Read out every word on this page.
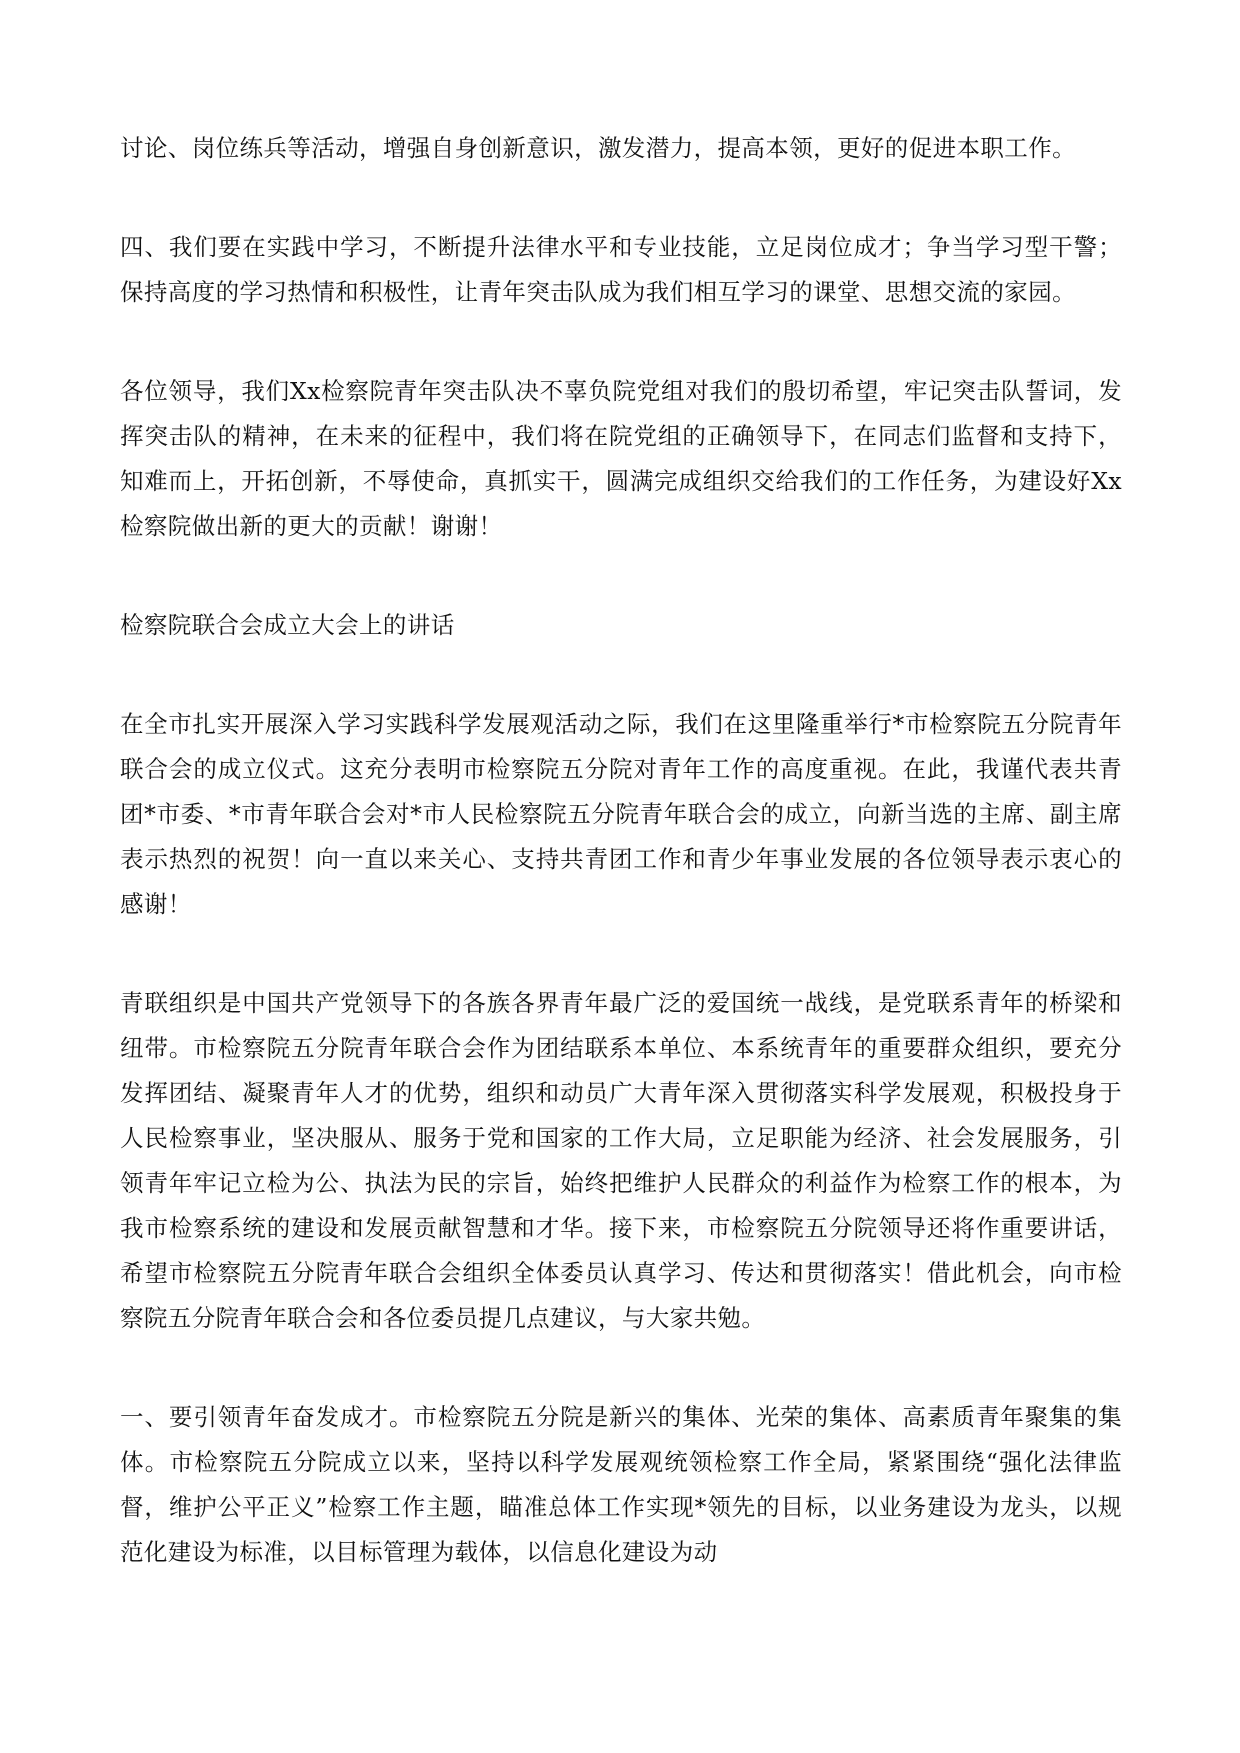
讨论、岗位练兵等活动，增强自身创新意识，激发潜力，提高本领，更好的促进本职工作。

四、我们要在实践中学习，不断提升法律水平和专业技能，立足岗位成才；争当学习型干警；保持高度的学习热情和积极性，让青年突击队成为我们相互学习的课堂、思想交流的家园。

各位领导，我们Xx检察院青年突击队决不辜负院党组对我们的殷切希望，牢记突击队誓词，发挥突击队的精神，在未来的征程中，我们将在院党组的正确领导下，在同志们监督和支持下，知难而上，开拓创新，不辱使命，真抓实干，圆满完成组织交给我们的工作任务，为建设好Xx检察院做出新的更大的贡献！谢谢！

检察院联合会成立大会上的讲话

在全市扎实开展深入学习实践科学发展观活动之际，我们在这里隆重举行*市检察院五分院青年联合会的成立仪式。这充分表明市检察院五分院对青年工作的高度重视。在此，我谨代表共青团*市委、*市青年联合会对*市人民检察院五分院青年联合会的成立，向新当选的主席、副主席表示热烈的祝贺！向一直以来关心、支持共青团工作和青少年事业发展的各位领导表示衷心的感谢！

青联组织是中国共产党领导下的各族各界青年最广泛的爱国统一战线，是党联系青年的桥梁和纽带。市检察院五分院青年联合会作为团结联系本单位、本系统青年的重要群众组织，要充分发挥团结、凝聚青年人才的优势，组织和动员广大青年深入贯彻落实科学发展观，积极投身于人民检察事业，坚决服从、服务于党和国家的工作大局，立足职能为经济、社会发展服务，引领青年牢记立检为公、执法为民的宗旨，始终把维护人民群众的利益作为检察工作的根本，为我市检察系统的建设和发展贡献智慧和才华。接下来，市检察院五分院领导还将作重要讲话，希望市检察院五分院青年联合会组织全体委员认真学习、传达和贯彻落实！借此机会，向市检察院五分院青年联合会和各位委员提几点建议，与大家共勉。

一、要引领青年奋发成才。市检察院五分院是新兴的集体、光荣的集体、高素质青年聚集的集体。市检察院五分院成立以来，坚持以科学发展观统领检察工作全局，紧紧围绕“强化法律监督，维护公平正义”检察工作主题，瞄准总体工作实现*领先的目标，以业务建设为龙头，以规范化建设为标准，以目标管理为载体，以信息化建设为动
